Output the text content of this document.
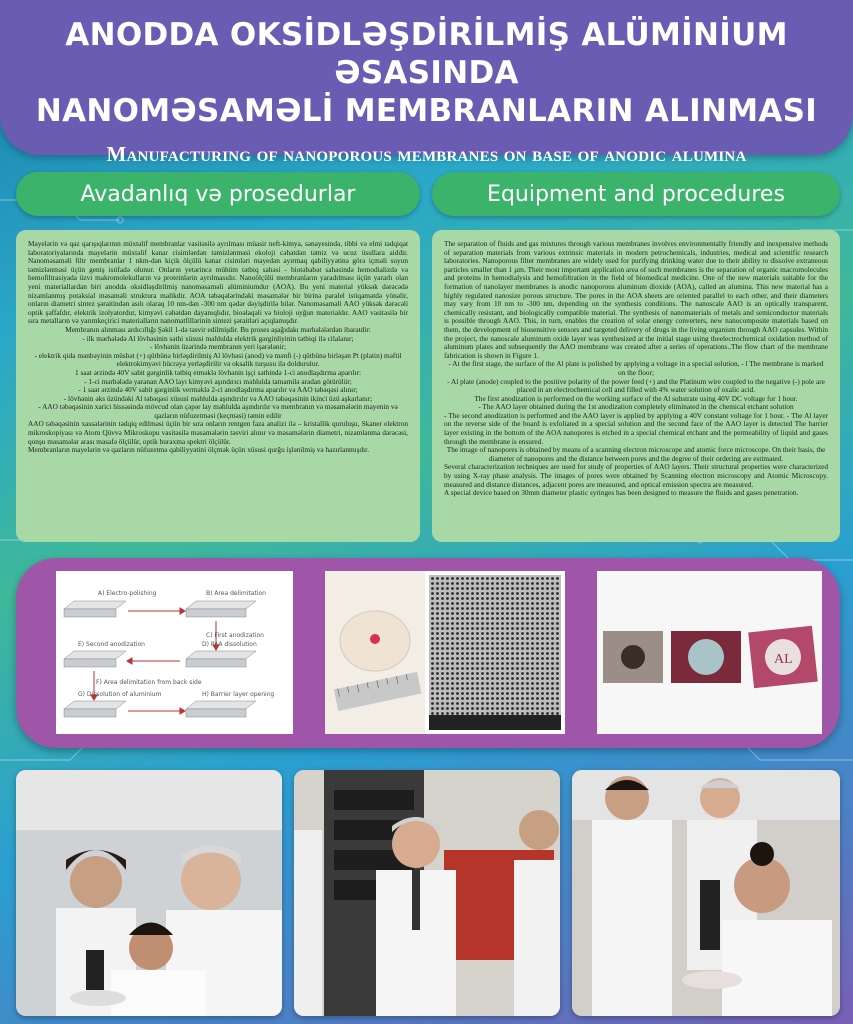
ANODDA OKSİDLƏŞDİRİLMİŞ ALÜMİNİUM ƏSASINDA
NANOMƏSAMƏLİ MEMBRANLARIN ALINMASI
Manufacturing of nanoporous membranes on base of anodic alumina
Avadanlıq və prosedurlar	Equipment and procedures

Mayelərin və qaz qarışıqlarının müxtəlif membranlar vasitəsilə ayrılması müasir neft-kimya, sənayesində, tibbi və elmi tədqiqat laboratoriyalarında mayelərin müxtəlif kənar cisimlərdən təmizlənməsi ekoloji cəhətdən təmiz və ucuz üsullara aiddir. Nanoməsaməli filtr membranlar 1 nkm-dən kiçik ölçülü kənar cisimləri mayedən ayırmaq qabiliyyətinə görə içməli suyun təmizlənməsi üçün geniş istifadə olunur. Onların yetərincə mühüm tətbiq sahəsi - biotəbabət sahəsində hemodializdə və hemofiltrasiyada üzvi makromolekulların və proteinlərin ayrılmasıdır. Nanoölçülü membranların yaradılması üçün yararlı olan yeni materiallardan biri anodda oksidləşdirilmiş nanoməsaməli alüminiumdur (AOA). Bu yeni material yüksək dərəcədə nizamlanmış potaksial məsaməli struktura malikdir. AOA təbəqələrindəki məsamələr bir birinə paralel istiqamətdə yönəlir, onların diametri sintez şəraitindən asılı olaraq 10 nm-dən -300 nm qədər dəyişdirilə bilər. Nanoməsaməli AAO yüksək dərəcəli optik şəffafdır, elektrik izolyatordur, kimyəvi cəhətdən dayanıqlıdır, bioəlaqəli və bioloji uyğun materialdır. AAO vasitəsilə bir sıra metalların və yarımkeçirici materialların nanomatfillərinin sintezi şəraitləri açıqlamışdır.

Membranın alınması ardıcıllığı Şəkil 1-də təsvir edilmişdir. Bu proses aşağıdakı mərhələlərdən ibarətdir:

- ilk mərhələdə Al lövhəsinin səthi xüsusi məhlulda elektrik gərginliyinin tətbiqi ilə cilalanır;

- lövhənin üzərində membranın yeri işarələnir;

- elektrik qida mənbəyinin müsbət (+) qütbünə birləşdirilmiş Al lövhəsi (anod) və mənfi (-) qütbünə birləşən Pt (platin) məftil elektrokimyəvi hücrəyə yerləşdirilir və oksalik turşusu ilə doldurulur.

1 saat ərzində 40V sabit gərginlik tətbiq etməklə lövhənin işçi səthində 1-ci anodlaşdırma aparılır:

- 1-ci mərhələdə yaranan AAO layı kimyəvi aşındırıcı məhlulda tamamilə aradan götürülür;

- 1 saat ərzində 40V sabit gərginlik verməklə 2-ci anodlaşdırma aparılır və AAO təbəqəsi alınır;

- lövhənin əks üzündəki Al təbəqəsi xüsusi məhlulda aşındırılır və AAO təbəqəsinin ikinci üzü aşkarlanır;

- AAO təbəqəsinin xarici hissəsində mövcud olan çəpər lay məhlulda aşındırılır və membranın və məsamələrin mayenin və qazların nüfuzetməsi (keçməsi) təmin edilir

AAO təbəqəsinin xassələrinin tədqiq edilməsi üçün bir sıra onların rentgen faza analizi ilə – kristallik quruluşu, Skaner elektron mikroskopiyası və Atom Qüvvə Mikroskopu vasitəsilə məsamələrin təsviri alınır və məsamələrin diametri, nizamlanma dərəcəsi, qonşu məsamələr arası məsafə ölçülür, optik buraxma spektri ölçülür.

Membranların mayelərin və qazların nüfuzetmə qabiliyyətini ölçmək üçün xüsusi qurğu işlənilmiş və hazırlanmışdır.

The separation of fluids and gas mixtures through various membranes involves environmentally friendly and inexpensive methods of separation materials from various extrinsic materials in modern petrochemicals, industries, medical and scientific research laboratories. Nanoporous filter membranes are widely used for purifying drinking water due to their ability to dissolve extraneous particles smaller than 1 µm. Their most important application area of such membranes is the separation of organic macromolecules and proteins in hemodialysis and hemofiltration in the field of biomedical medicine. One of the new materials suitable for the formation of nanolayer membranes is anodic nanoporous aluminum dioxide (AOA), called an alumina. This new material has a highly regulated nanosize porous structure. The pores in the AOA sheets are oriented parallel to each other, and their diameters may vary from 10 nm to -300 nm, depending on the synthesis conditions. The nanoscale AAO is an optically transparent, chemically resistant, and biologically compatible material. The synthesis of nanomaterials of metals and semiconductor materials is possible through AAO. This, in turn, enables the creation of solar energy converters, new nanocomposite materials based on them, the development of biosensitive sensors and targeted delivery of drugs in the living organism through AAO capsules. Within the project, the nanoscale aluminum oxide layer was synthesized at the initial stage using theelectrochemical oxidation method of aluminum plates and subsequently the AAO membrane was created after a series of operations..The flow chart of the membrane fabrication is shown in Figure 1.

- At the first stage, the surface of the Al plate is polished by applying a voltage in a special solution, - l The membrane is marked on the floor;

- Al plate (anode) coupled to the positive polarity of the power feed (+) and the Platinum wire coupled to the negative (-) pole are placed in an electrochemical cell and filled with 4% water solution of oxalic acid.

The first anodization is performed on the working surface of the Al substrate using 40V DC voltage for 1 hour.

- The AAO layer obtained during the 1st anodization completely eliminated in the chemical etchant solution

- The second anodization is performed and the AAO layer is applied by applying a 40V constant voltage for 1 hour. - The Al layer on the reverse side of the board is exfoliated in a special solution and the second face of the AAO layer is detected The barrier layer existing in the bottom of the AOA nanopores is etched in a special chemical etchant and the permeability of liquid and gases through the membrane is ensured.

The image of nanopores is obtained by means of a scanning electron microscope and atomic force microscope. On their basis, the diameter of nanopores and the distance between pores and the degree of their ordering are estimated.

Several characterization techniques are used for study of properties of AAO layers. Their structural properties were characterized by using X-ray phase analysis. The images of pores were obtained by Scanning electron microscopy and Atomic Microscopy. measured and distance distances, adjacent pores are measured, and optical emission spectra are measured.

A special device based on 30mm diameter plastic syringes has been designed to measure the fluids and gases penetration.

A) Electro-polishing	B) Area delimitation
C) First anodization
D) PAA dissolution
E) Second anodization
F) Area delimitation from back side
G) Dissolution of aluminium	H) Barrier layer opening
AL
